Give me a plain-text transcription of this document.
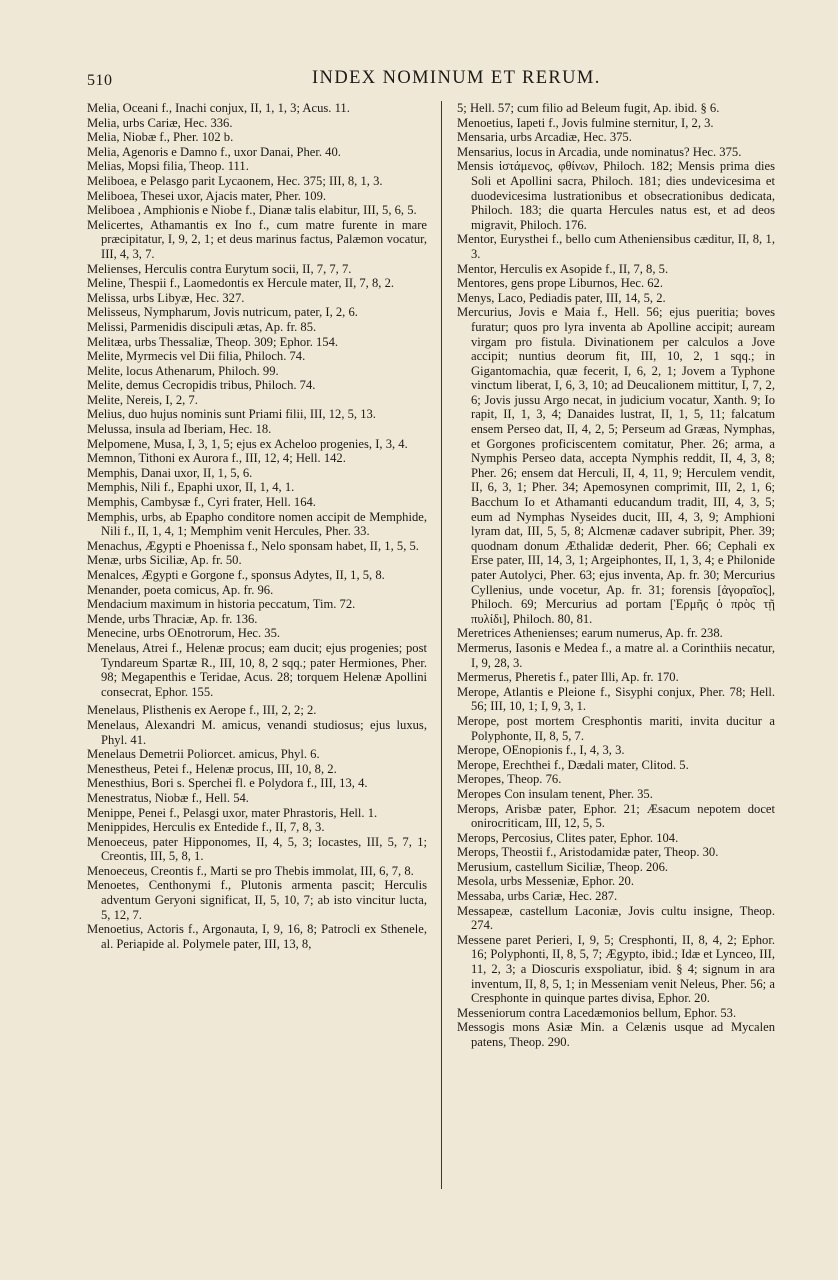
510	INDEX NOMINUM ET RERUM.

Melia, Oceani f., Inachi conjux, II, 1, 1, 3; Acus. 11.

Melia, urbs Cariæ, Hec. 336.

Melia, Niobæ f., Pher. 102 b.

Melia, Agenoris e Damno f., uxor Danai, Pher. 40.

Melias, Mopsi filia, Theop. 111.

Meliboea, e Pelasgo parit Lycaonem, Hec. 375; III, 8, 1, 3.

Meliboea, Thesei uxor, Ajacis mater, Pher. 109.

Meliboea , Amphionis e Niobe f., Dianæ talis elabitur, III, 5, 6, 5.

Melicertes, Athamantis ex Ino f., cum matre furente in mare præcipitatur, I, 9, 2, 1; et deus marinus factus, Palæmon vocatur, III, 4, 3, 7.

Melienses, Herculis contra Eurytum socii, II, 7, 7, 7.

Meline, Thespii f., Laomedontis ex Hercule mater, II, 7, 8, 2.

Melissa, urbs Libyæ, Hec. 327.

Melisseus, Nympharum, Jovis nutricum, pater, I, 2, 6.

Melissi, Parmenidis discipuli ætas, Ap. fr. 85.

Melitæa, urbs Thessaliæ, Theop. 309; Ephor. 154.

Melite, Myrmecis vel Dii filia, Philoch. 74.

Melite, locus Athenarum, Philoch. 99.

Melite, demus Cecropidis tribus, Philoch. 74.

Melite, Nereis, I, 2, 7.

Melius, duo hujus nominis sunt Priami filii, III, 12, 5, 13.

Melussa, insula ad Iberiam, Hec. 18.

Melpomene, Musa, I, 3, 1, 5; ejus ex Acheloo progenies, I, 3, 4.

Memnon, Tithoni ex Aurora f., III, 12, 4; Hell. 142.

Memphis, Danai uxor, II, 1, 5, 6.

Memphis, Nili f., Epaphi uxor, II, 1, 4, 1.

Memphis, Cambysæ f., Cyri frater, Hell. 164.

Memphis, urbs, ab Epapho conditore nomen accipit de Memphide, Nili f., II, 1, 4, 1; Memphim venit Hercules, Pher. 33.

Menachus, Ægypti e Phoenissa f., Nelo sponsam habet, II, 1, 5, 5.

Menæ, urbs Siciliæ, Ap. fr. 50.

Menalces, Ægypti e Gorgone f., sponsus Adytes, II, 1, 5, 8.

Menander, poeta comicus, Ap. fr. 96.

Mendacium maximum in historia peccatum, Tim. 72.

Mende, urbs Thraciæ, Ap. fr. 136.

Menecine, urbs OEnotrorum, Hec. 35.

Menelaus, Atrei f., Helenæ procus; eam ducit; ejus progenies; post Tyndareum Spartæ R., III, 10, 8, 2 sqq.; pater Hermiones, Pher. 98; Megapenthis e Teridae, Acus. 28; torquem Helenæ Apollini consecrat, Ephor. 155.

Menelaus, Plisthenis ex Aerope f., III, 2, 2; 2.

Menelaus, Alexandri M. amicus, venandi studiosus; ejus luxus, Phyl. 41.

Menelaus Demetrii Poliorcet. amicus, Phyl. 6.

Menestheus, Petei f., Helenæ procus, III, 10, 8, 2.

Menesthius, Bori s. Sperchei fl. e Polydora f., III, 13, 4.

Menestratus, Niobæ f., Hell. 54.

Menippe, Penei f., Pelasgi uxor, mater Phrastoris, Hell. 1.

Menippides, Herculis ex Entedide f., II, 7, 8, 3.

Menoeceus, pater Hipponomes, II, 4, 5, 3; Iocastes, III, 5, 7, 1; Creontis, III, 5, 8, 1.

Menoeceus, Creontis f., Marti se pro Thebis immolat, III, 6, 7, 8.

Menoetes, Centhonymi f., Plutonis armenta pascit; Herculis adventum Geryoni significat, II, 5, 10, 7; ab isto vincitur lucta, 5, 12, 7.

Menoetius, Actoris f., Argonauta, I, 9, 16, 8; Patrocli ex Sthenele, al. Periapide al. Polymele pater, III, 13, 8,

5; Hell. 57; cum filio ad Beleum fugit, Ap. ibid. § 6.

Menoetius, Iapeti f., Jovis fulmine sternitur, I, 2, 3.

Mensaria, urbs Arcadiæ, Hec. 375.

Mensarius, locus in Arcadia, unde nominatus? Hec. 375.

Mensis ἱστάμενος, φθίνων, Philoch. 182; Mensis prima dies Soli et Apollini sacra, Philoch. 181; dies undevicesima et duodevicesima lustrationibus et obsecrationibus dedicata, Philoch. 183; die quarta Hercules natus est, et ad deos migravit, Philoch. 176.

Mentor, Eurysthei f., bello cum Atheniensibus cæditur, II, 8, 1, 3.

Mentor, Herculis ex Asopide f., II, 7, 8, 5.

Mentores, gens prope Liburnos, Hec. 62.

Menys, Laco, Pediadis pater, III, 14, 5, 2.

Mercurius, Jovis e Maia f., Hell. 56; ejus pueritia; boves furatur; quos pro lyra inventa ab Apolline accipit; auream virgam pro fistula. Divinationem per calculos a Jove accipit; nuntius deorum fit, III, 10, 2, 1 sqq.; in Gigantomachia, quæ fecerit, I, 6, 2, 1; Jovem a Typhone vinctum liberat, I, 6, 3, 10; ad Deucalionem mittitur, I, 7, 2, 6; Jovis jussu Argo necat, in judicium vocatur, Xanth. 9; Io rapit, II, 1, 3, 4; Danaides lustrat, II, 1, 5, 11; falcatum ensem Perseo dat, II, 4, 2, 5; Perseum ad Græas, Nymphas, et Gorgones proficiscentem comitatur, Pher. 26; arma, a Nymphis Perseo data, accepta Nymphis reddit, II, 4, 3, 8; Pher. 26; ensem dat Herculi, II, 4, 11, 9; Herculem vendit, II, 6, 3, 1; Pher. 34; Apemosynen comprimit, III, 2, 1, 6; Bacchum Io et Athamanti educandum tradit, III, 4, 3, 5; eum ad Nymphas Nyseides ducit, III, 4, 3, 9; Amphioni lyram dat, III, 5, 5, 8; Alcmenæ cadaver subripit, Pher. 39; quodnam donum Æthalidæ dederit, Pher. 66; Cephali ex Erse pater, III, 14, 3, 1; Argeiphontes, II, 1, 3, 4; e Philonide pater Autolyci, Pher. 63; ejus inventa, Ap. fr. 30; Mercurius Cyllenius, unde vocetur, Ap. fr. 31; forensis [ἀγοραῖος], Philoch. 69; Mercurius ad portam [Ἑρμῆς ὁ πρὸς τῇ πυλίδι], Philoch. 80, 81.

Meretrices Athenienses; earum numerus, Ap. fr. 238.

Mermerus, Iasonis e Medea f., a matre al. a Corinthiis necatur, I, 9, 28, 3.

Mermerus, Pheretis f., pater Illi, Ap. fr. 170.

Merope, Atlantis e Pleione f., Sisyphi conjux, Pher. 78; Hell. 56; III, 10, 1; I, 9, 3, 1.

Merope, post mortem Cresphontis mariti, invita ducitur a Polyphonte, II, 8, 5, 7.

Merope, OEnopionis f., I, 4, 3, 3.

Merope, Erechthei f., Dædali mater, Clitod. 5.

Meropes, Theop. 76.

Meropes Con insulam tenent, Pher. 35.

Merops, Arisbæ pater, Ephor. 21; Æsacum nepotem docet onirocriticam, III, 12, 5, 5.

Merops, Percosius, Clites pater, Ephor. 104.

Merops, Theostii f., Aristodamidæ pater, Theop. 30.

Merusium, castellum Siciliæ, Theop. 206.

Mesola, urbs Messeniæ, Ephor. 20.

Messaba, urbs Cariæ, Hec. 287.

Messapeæ, castellum Laconiæ, Jovis cultu insigne, Theop. 274.

Messene paret Perieri, I, 9, 5; Cresphonti, II, 8, 4, 2; Ephor. 16; Polyphonti, II, 8, 5, 7; Ægypto, ibid.; Idæ et Lynceo, III, 11, 2, 3; a Dioscuris exspoliatur, ibid. § 4; signum in ara inventum, II, 8, 5, 1; in Messeniam venit Neleus, Pher. 56; a Cresphonte in quinque partes divisa, Ephor. 20.

Messeniorum contra Lacedæmonios bellum, Ephor. 53.

Messogis mons Asiæ Min. a Celænis usque ad Mycalen patens, Theop. 290.
